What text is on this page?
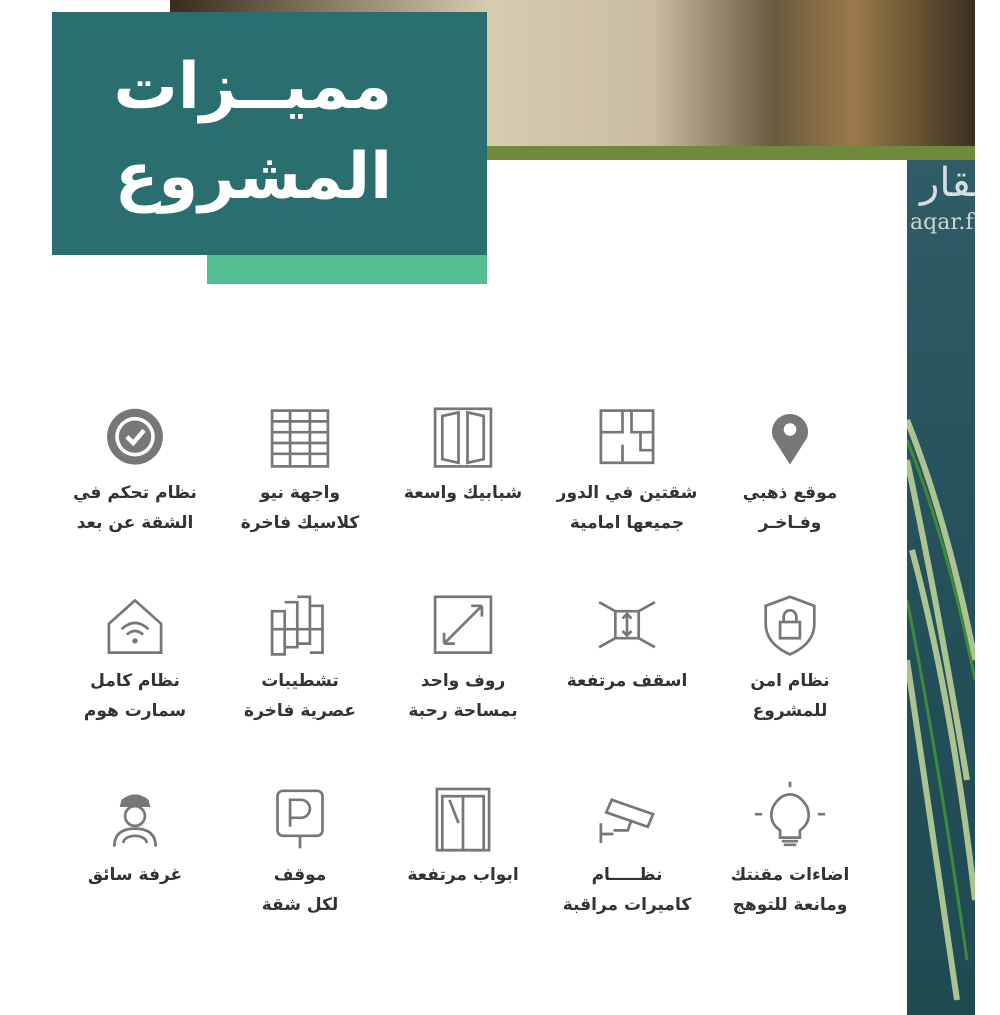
عقار
aqar.fm
مميــزات
المشروع
موقع ذهبي
وفـاخـر
شقتين في الدور
جميعها امامية
شبابيك واسعة
واجهة نيو
كلاسيك فاخرة
نظام تحكم في
الشقة عن بعد
نظام امن
للمشروع
اسقف مرتفعة
روف واحد
بمساحة رحبة
تشطيبات
عصرية فاخرة
نظام كامل
سمارت هوم
اضاءات مقنتك
ومانعة للتوهج
نظـــــام
كاميرات مراقبة
ابواب مرتفعة
موقف
لكل شقة
غرفة سائق
